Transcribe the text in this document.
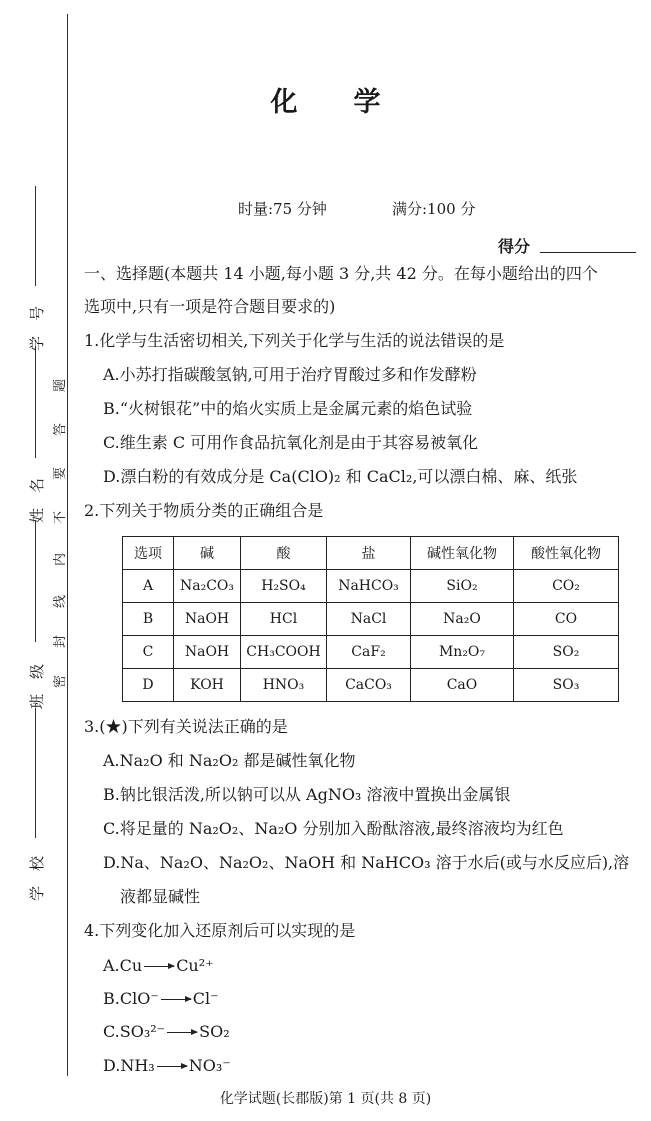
学　号
姓　名
班　级
学　校
密
封
线
内
不
要
答
题
化学
时量:75 分钟	满分:100 分
得分
一、选择题(本题共 14 小题,每小题 3 分,共 42 分。在每小题给出的四个
选项中,只有一项是符合题目要求的)
1.化学与生活密切相关,下列关于化学与生活的说法错误的是
A.小苏打指碳酸氢钠,可用于治疗胃酸过多和作发酵粉
B.“火树银花”中的焰火实质上是金属元素的焰色试验
C.维生素 C 可用作食品抗氧化剂是由于其容易被氧化
D.漂白粉的有效成分是 Ca(ClO)₂ 和 CaCl₂,可以漂白棉、麻、纸张
2.下列关于物质分类的正确组合是
选项	碱	酸	盐	碱性氧化物	酸性氧化物
A	Na₂CO₃	H₂SO₄	NaHCO₃	SiO₂	CO₂
B	NaOH	HCl	NaCl	Na₂O	CO
C	NaOH	CH₃COOH	CaF₂	Mn₂O₇	SO₂
D	KOH	HNO₃	CaCO₃	CaO	SO₃
3.(★)下列有关说法正确的是
A.Na₂O 和 Na₂O₂ 都是碱性氧化物
B.钠比银活泼,所以钠可以从 AgNO₃ 溶液中置换出金属银
C.将足量的 Na₂O₂、Na₂O 分别加入酚酞溶液,最终溶液均为红色
D.Na、Na₂O、Na₂O₂、NaOH 和 NaHCO₃ 溶于水后(或与水反应后),溶
液都显碱性
4.下列变化加入还原剂后可以实现的是
A.Cu Cu²⁺
B.ClO⁻ Cl⁻
C.SO₃²⁻ SO₂
D.NH₃ NO₃⁻
化学试题(长郡版)第 1 页(共 8 页)
